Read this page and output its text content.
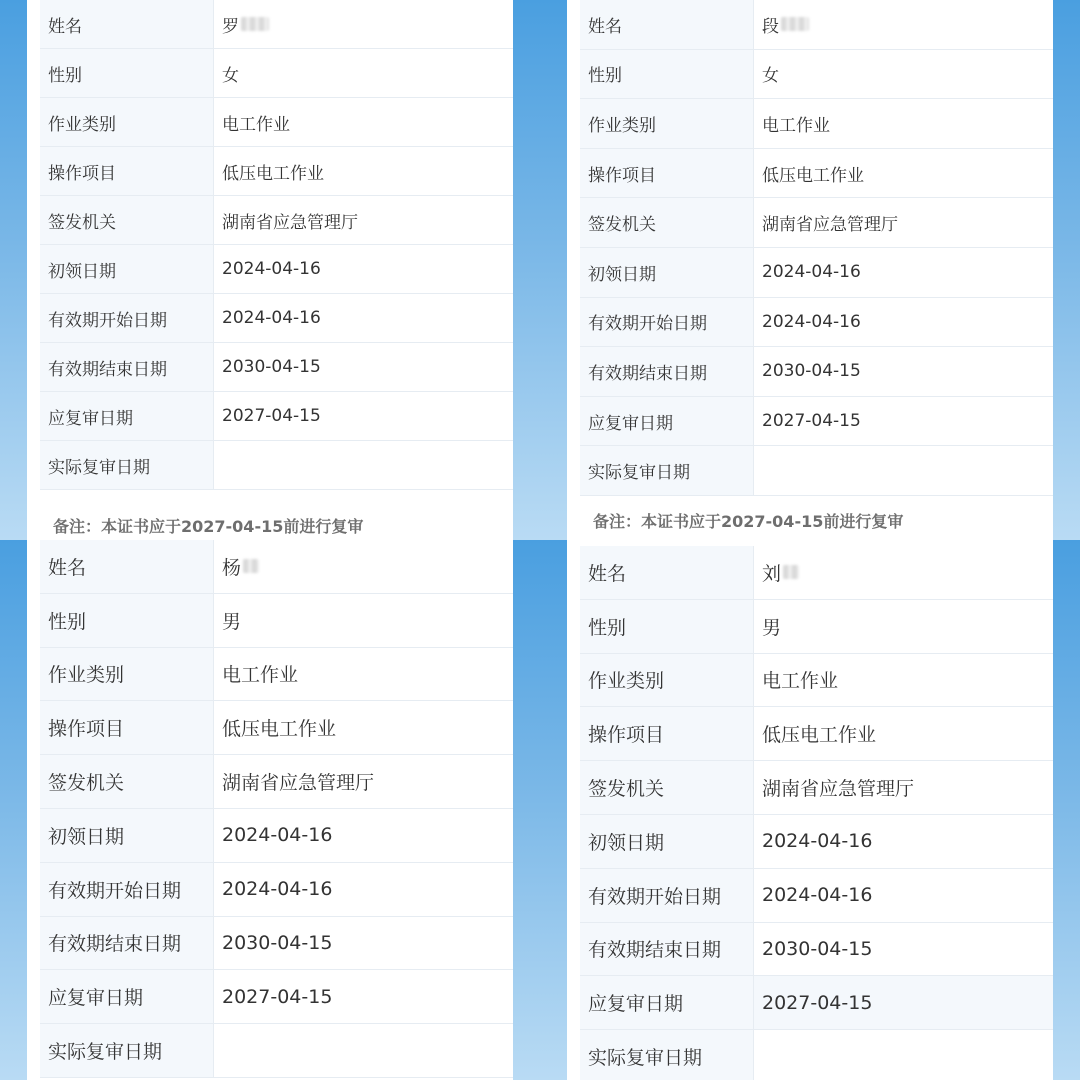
姓名	罗
性别	女
作业类别	电工作业
操作项目	低压电工作业
签发机关	湖南省应急管理厅
初领日期	2024-04-16
有效期开始日期	2024-04-16
有效期结束日期	2030-04-15
应复审日期	2027-04-15
实际复审日期
备注：本证书应于2027-04-15前进行复审
姓名	段
性别	女
作业类别	电工作业
操作项目	低压电工作业
签发机关	湖南省应急管理厅
初领日期	2024-04-16
有效期开始日期	2024-04-16
有效期结束日期	2030-04-15
应复审日期	2027-04-15
实际复审日期
备注：本证书应于2027-04-15前进行复审
姓名	杨
性别	男
作业类别	电工作业
操作项目	低压电工作业
签发机关	湖南省应急管理厅
初领日期	2024-04-16
有效期开始日期	2024-04-16
有效期结束日期	2030-04-15
应复审日期	2027-04-15
实际复审日期
姓名	刘
性别	男
作业类别	电工作业
操作项目	低压电工作业
签发机关	湖南省应急管理厅
初领日期	2024-04-16
有效期开始日期	2024-04-16
有效期结束日期	2030-04-15
应复审日期	2027-04-15
实际复审日期
